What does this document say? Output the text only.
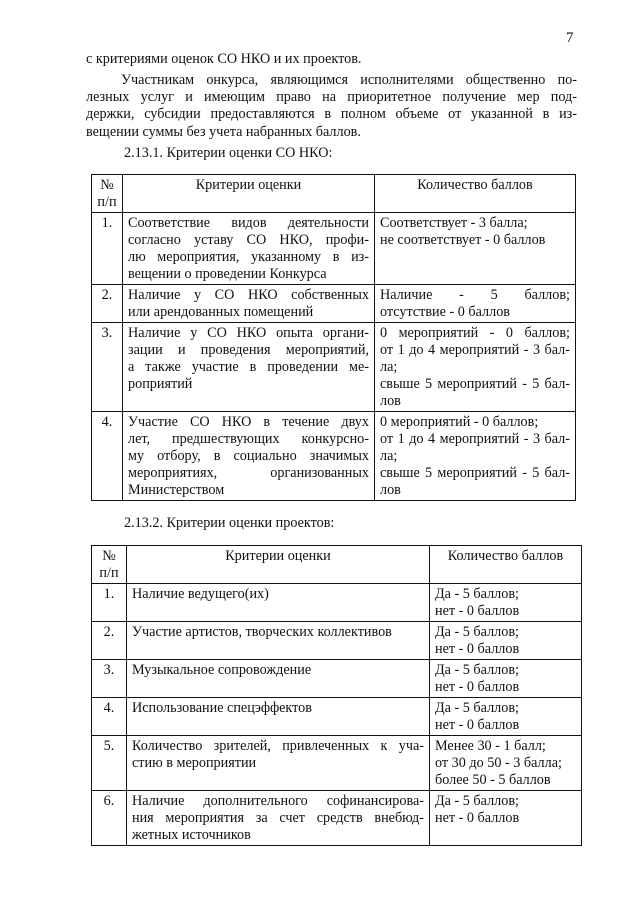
7
с критериями оценок СО НКО и их проектов.
Участникам онкурса, являющимся исполнителями общественно по-
лезных услуг и имеющим право на приоритетное получение мер под-
держки, субсидии предоставляются в полном объеме от указанной в из-
вещении суммы без учета набранных баллов.
2.13.1. Критерии оценки СО НКО:
№ п/п	Критерии оценки	Количество баллов
1.	Соответствие видов деятельности
согласно уставу СО НКО, профи-
лю мероприятия, указанному в из-
вещении о проведении Конкурса	Соответствует - 3 балла;
не соответствует - 0 баллов

2.	Наличие у СО НКО собственных
или арендованных помещений	Наличие - 5 баллов;
отсутствие - 0 баллов

3.	Наличие у СО НКО опыта органи-
зации и проведения мероприятий,
а также участие в проведении ме-
роприятий	0 мероприятий - 0 баллов;
от 1 до 4 мероприятий - 3 бал-
ла;
свыше 5 мероприятий - 5 бал-
лов

4.	Участие СО НКО в течение двух
лет, предшествующих конкурсно-
му отбору, в социально значимых
мероприятиях, организованных
Министерством	0 мероприятий - 0 баллов;
от 1 до 4 мероприятий - 3 бал-
ла;
свыше 5 мероприятий - 5 бал-
лов
2.13.2. Критерии оценки проектов:
№ п/п	Критерии оценки	Количество баллов
1.	Наличие ведущего(их)	Да - 5 баллов;
нет - 0 баллов

2.	Участие артистов, творческих коллективов	Да - 5 баллов;
нет - 0 баллов

3.	Музыкальное сопровождение	Да - 5 баллов;
нет - 0 баллов

4.	Использование спецэффектов	Да - 5 баллов;
нет - 0 баллов

5.	Количество зрителей, привлеченных к уча-
стию в мероприятии	Менее 30 - 1 балл;
от 30 до 50 - 3 балла;
более 50 - 5 баллов

6.	Наличие дополнительного софинансирова-
ния мероприятия за счет средств внебюд-
жетных источников	Да - 5 баллов;
нет - 0 баллов
